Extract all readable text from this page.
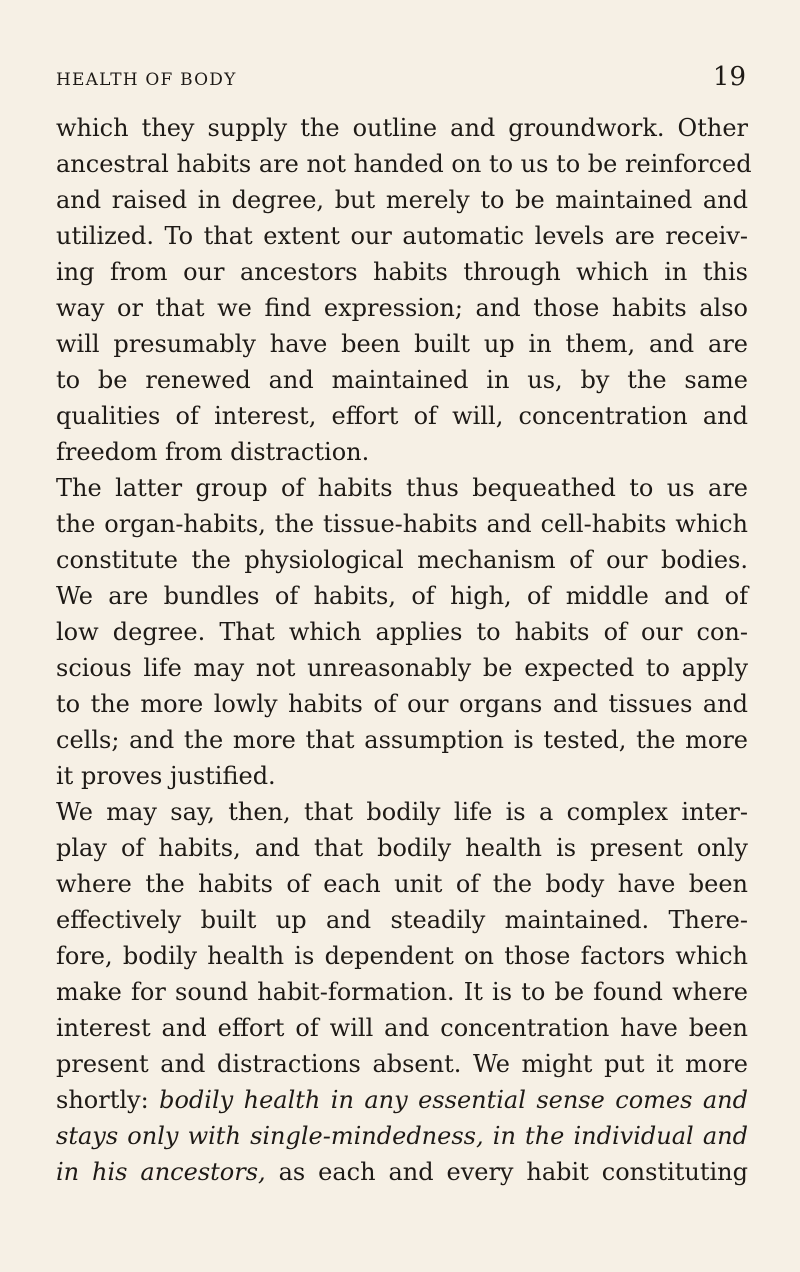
HEALTH OF BODY	19
which they supply the outline and groundwork. Other
ancestral habits are not handed on to us to be reinforced
and raised in degree, but merely to be maintained and
utilized. To that extent our automatic levels are receiv-
ing from our ancestors habits through which in this
way or that we find expression; and those habits also
will presumably have been built up in them, and are
to be renewed and maintained in us, by the same
qualities of interest, effort of will, concentration and
freedom from distraction.
The latter group of habits thus bequeathed to us are
the organ-habits, the tissue-habits and cell-habits which
constitute the physiological mechanism of our bodies.
We are bundles of habits, of high, of middle and of
low degree. That which applies to habits of our con-
scious life may not unreasonably be expected to apply
to the more lowly habits of our organs and tissues and
cells; and the more that assumption is tested, the more
it proves justified.
We may say, then, that bodily life is a complex inter-
play of habits, and that bodily health is present only
where the habits of each unit of the body have been
effectively built up and steadily maintained. There-
fore, bodily health is dependent on those factors which
make for sound habit-formation. It is to be found where
interest and effort of will and concentration have been
present and distractions absent. We might put it more
shortly: bodily health in any essential sense comes and
stays only with single-mindedness, in the individual and
in his ancestors, as each and every habit constituting
